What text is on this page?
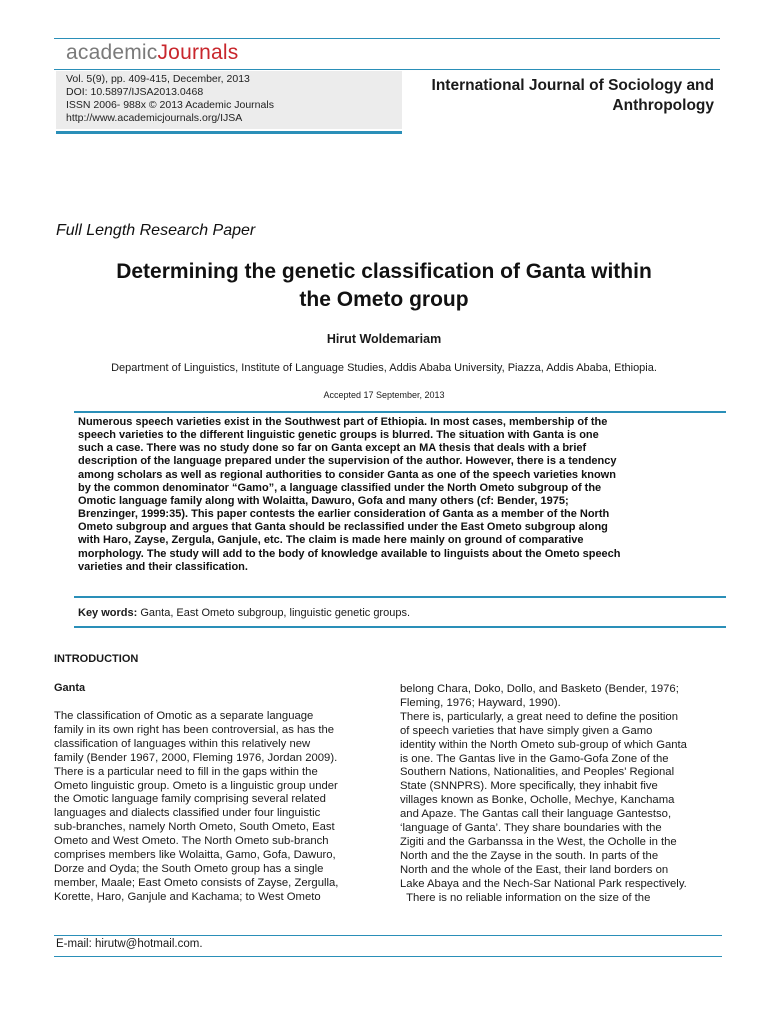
academicJournals
Vol. 5(9), pp. 409-415, December, 2013
DOI: 10.5897/IJSA2013.0468
ISSN 2006- 988x © 2013 Academic Journals
http://www.academicjournals.org/IJSA
International Journal of Sociology and
Anthropology
Full Length Research Paper
Determining the genetic classification of Ganta within
the Ometo group
Hirut Woldemariam
Department of Linguistics, Institute of Language Studies, Addis Ababa University, Piazza, Addis Ababa, Ethiopia.
Accepted 17 September, 2013
Numerous speech varieties exist in the Southwest part of Ethiopia. In most cases, membership of the
speech varieties to the different linguistic genetic groups is blurred. The situation with Ganta is one
such a case. There was no study done so far on Ganta except an MA thesis that deals with a brief
description of the language prepared under the supervision of the author. However, there is a tendency
among scholars as well as regional authorities to consider Ganta as one of the speech varieties known
by the common denominator “Gamo”, a language classified under the North Ometo subgroup of the
Omotic language family along with Wolaitta, Dawuro, Gofa and many others (cf: Bender, 1975;
Brenzinger, 1999:35). This paper contests the earlier consideration of Ganta as a member of the North
Ometo subgroup and argues that Ganta should be reclassified under the East Ometo subgroup along
with Haro, Zayse, Zergula, Ganjule, etc. The claim is made here mainly on ground of comparative
morphology. The study will add to the body of knowledge available to linguists about the Ometo speech
varieties and their classification.
Key words: Ganta, East Ometo subgroup, linguistic genetic groups.
INTRODUCTION
Ganta
The classification of Omotic as a separate language
family in its own right has been controversial, as has the
classification of languages within this relatively new
family (Bender 1967, 2000, Fleming 1976, Jordan 2009).
There is a particular need to fill in the gaps within the
Ometo linguistic group. Ometo is a linguistic group under
the Omotic language family comprising several related
languages and dialects classified under four linguistic
sub-branches, namely North Ometo, South Ometo, East
Ometo and West Ometo. The North Ometo sub-branch
comprises members like Wolaitta, Gamo, Gofa, Dawuro,
Dorze and Oyda; the South Ometo group has a single
member, Maale; East Ometo consists of Zayse, Zergulla,
Korette, Haro, Ganjule and Kachama; to West Ometo
belong Chara, Doko, Dollo, and Basketo (Bender, 1976;
Fleming, 1976; Hayward, 1990).
There is, particularly, a great need to define the position
of speech varieties that have simply given a Gamo
identity within the North Ometo sub-group of which Ganta
is one. The Gantas live in the Gamo-Gofa Zone of the
Southern Nations, Nationalities, and Peoples' Regional
State (SNNPRS). More specifically, they inhabit five
villages known as Bonke, Ocholle, Mechye, Kanchama
and Apaze. The Gantas call their language Gantestso,
‘language of Ganta’. They share boundaries with the
Zigiti and the Garbanssa in the West, the Ocholle in the
North and the the Zayse in the south. In parts of the
North and the whole of the East, their land borders on
Lake Abaya and the Nech-Sar National Park respectively.
There is no reliable information on the size of the
E-mail: hirutw@hotmail.com.
